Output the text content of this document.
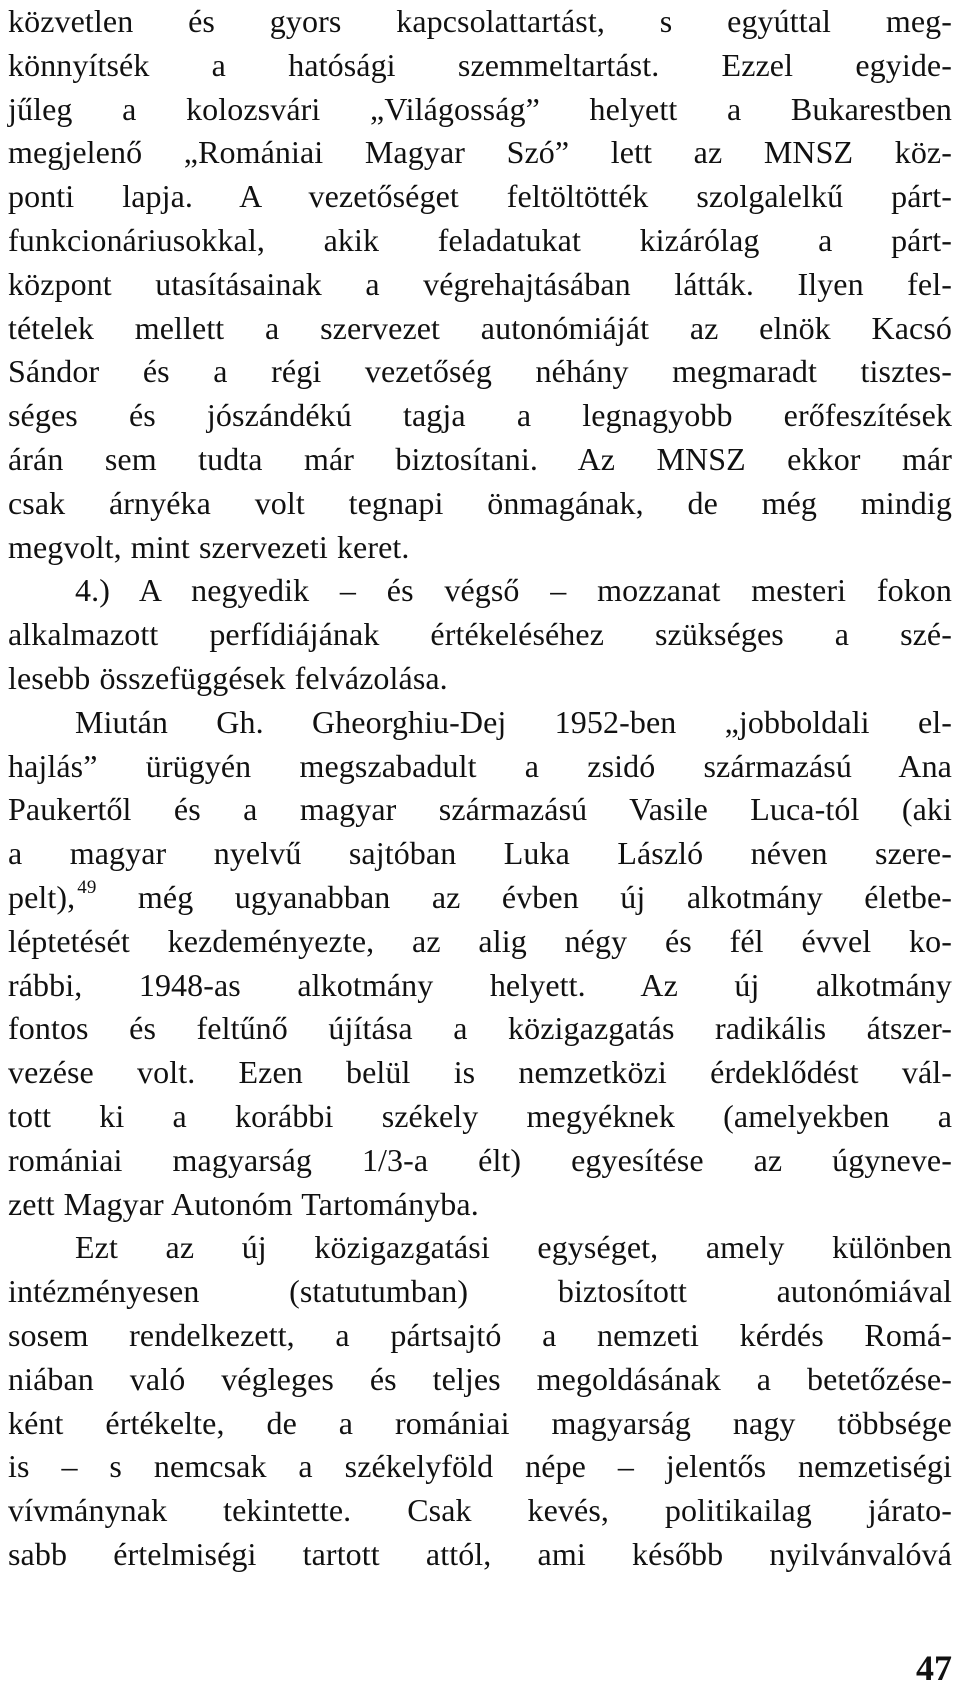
közvetlen és gyors kapcsolattartást, s egyúttal meg-
könnyítsék a hatósági szemmeltartást. Ezzel egyide-
jűleg a kolozsvári „Világosság” helyett a Bukarestben
megjelenő „Romániai Magyar Szó” lett az MNSZ köz-
ponti lapja. A vezetőséget feltöltötték szolgalelkű párt-
funkcionáriusokkal, akik feladatukat kizárólag a párt-
központ utasításainak a végrehajtásában látták. Ilyen fel-
tételek mellett a szervezet autonómiáját az elnök Kacsó
Sándor és a régi vezetőség néhány megmaradt tisztes-
séges és jószándékú tagja a legnagyobb erőfeszítések
árán sem tudta már biztosítani. Az MNSZ ekkor már
csak árnyéka volt tegnapi önmagának, de még mindig
megvolt, mint szervezeti keret.
4.) A negyedik – és végső – mozzanat mesteri fokon
alkalmazott perfídiájának értékeléséhez szükséges a szé-
lesebb összefüggések felvázolása.
Miután Gh. Gheorghiu-Dej 1952-ben „jobboldali el-
hajlás” ürügyén megszabadult a zsidó származású Ana
Paukertől és a magyar származású Vasile Luca-tól (aki
a magyar nyelvű sajtóban Luka László néven szere-
pelt), $^{49}$ még ugyanabban az évben új alkotmány életbe-
léptetését kezdeményezte, az alig négy és fél évvel ko-
rábbi, 1948-as alkotmány helyett. Az új alkotmány
fontos és feltűnő újítása a közigazgatás radikális átszer-
vezése volt. Ezen belül is nemzetközi érdeklődést vál-
tott ki a korábbi székely megyéknek (amelyekben a
romániai magyarság 1/3-a élt) egyesítése az úgyneve-
zett Magyar Autonóm Tartományba.
Ezt az új közigazgatási egységet, amely különben
intézményesen (statutumban) biztosított autonómiával
sosem rendelkezett, a pártsajtó a nemzeti kérdés Romá-
niában való végleges és teljes megoldásának a betetőzése-
ként értékelte, de a romániai magyarság nagy többsége
is – s nemcsak a székelyföld népe – jelentős nemzetiségi
vívmánynak tekintette. Csak kevés, politikailag járato-
sabb értelmiségi tartott attól, ami később nyilvánvalóvá
47
